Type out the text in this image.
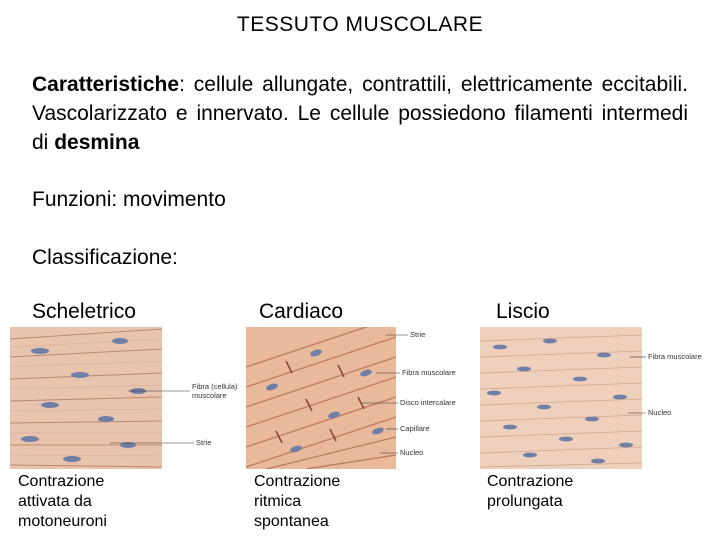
TESSUTO MUSCOLARE
Caratteristiche: cellule allungate, contrattili, elettricamente eccitabili. Vascolarizzato e innervato. Le cellule possiedono filamenti intermedi di desmina
Funzioni: movimento
Classificazione:
Scheletrico	Cardiaco	Liscio
Fibra (cellula)
muscolare
Strie
Strie
Fibra muscolare
Disco intercalare
Capillare
Nucleo
Fibra muscolare
Nucleo
Contrazione
attivata da
motoneuroni
Contrazione
ritmica
spontanea
Contrazione
prolungata
